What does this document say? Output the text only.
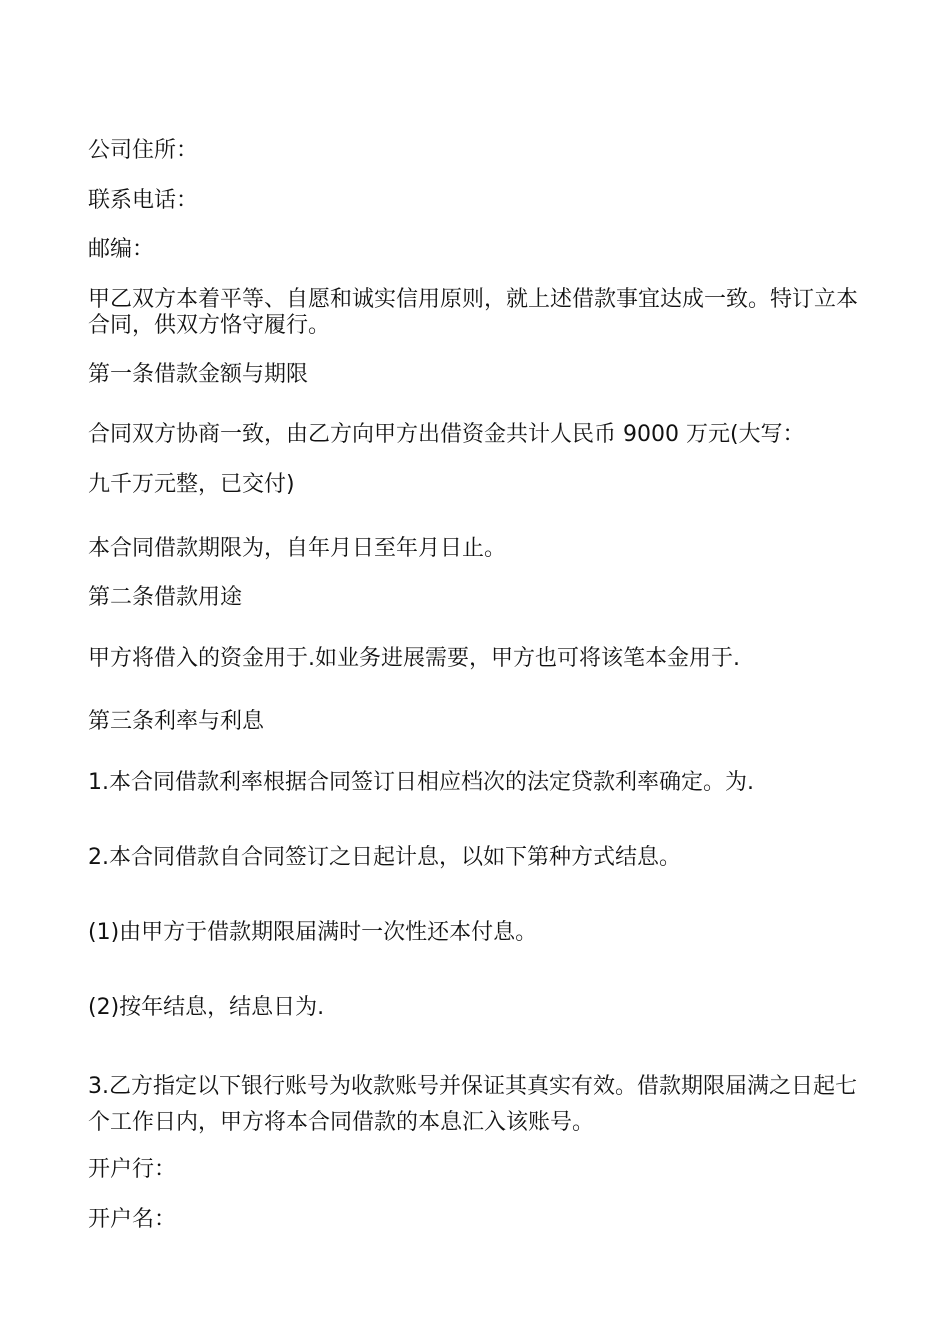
公司住所：
联系电话：
邮编：
甲乙双方本着平等、自愿和诚实信用原则，就上述借款事宜达成一致。特订立本合同，供双方恪守履行。
第一条借款金额与期限
合同双方协商一致，由乙方向甲方出借资金共计人民币 9000 万元(大写：
九千万元整，已交付)
本合同借款期限为，自年月日至年月日止。
第二条借款用途
甲方将借入的资金用于.如业务进展需要，甲方也可将该笔本金用于.
第三条利率与利息
1.本合同借款利率根据合同签订日相应档次的法定贷款利率确定。为.
2.本合同借款自合同签订之日起计息，以如下第种方式结息。
(1)由甲方于借款期限届满时一次性还本付息。
(2)按年结息，结息日为.
3.乙方指定以下银行账号为收款账号并保证其真实有效。借款期限届满之日起七个工作日内，甲方将本合同借款的本息汇入该账号。
开户行：
开户名：
